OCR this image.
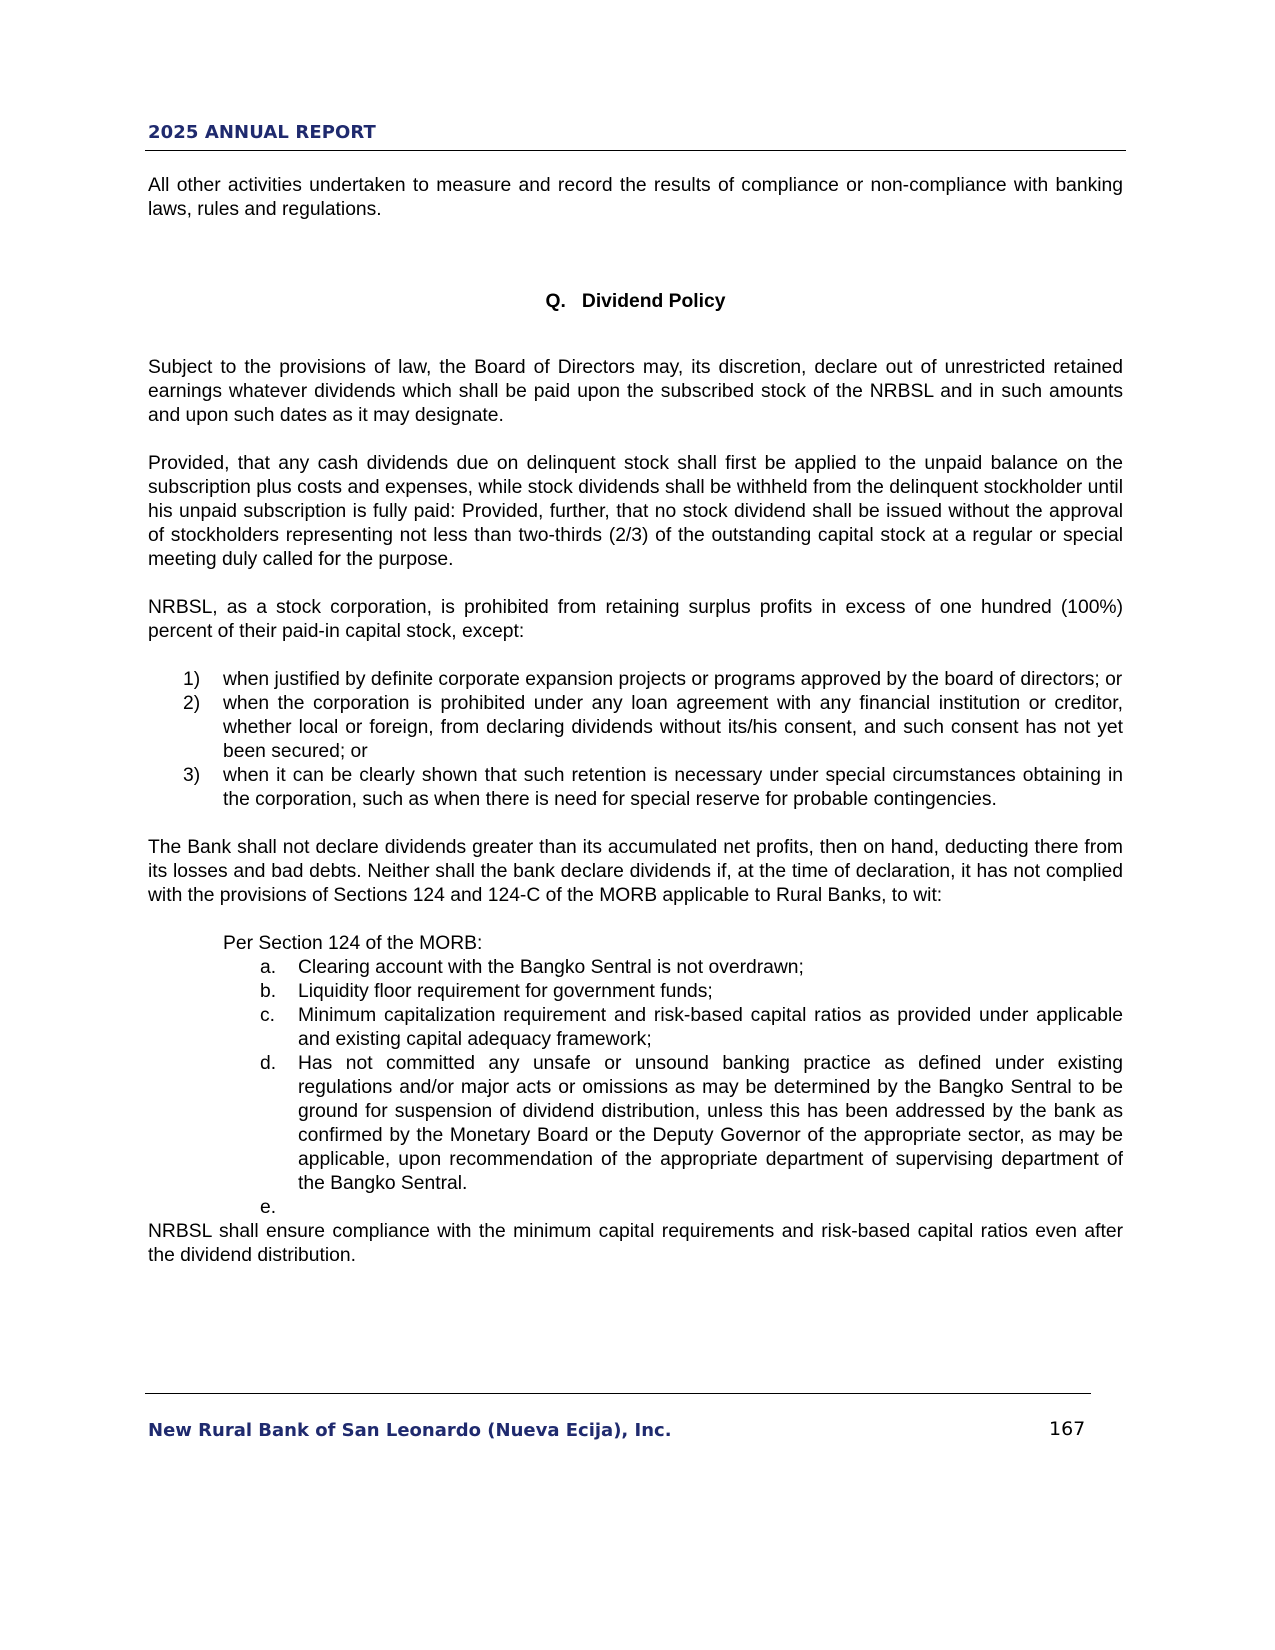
2025 ANNUAL REPORT

All other activities undertaken to measure and record the results of compliance or non-compliance with banking laws, rules and regulations.

Q. Dividend Policy

Subject to the provisions of law, the Board of Directors may, its discretion, declare out of unrestricted retained earnings whatever dividends which shall be paid upon the subscribed stock of the NRBSL and in such amounts and upon such dates as it may designate.

Provided, that any cash dividends due on delinquent stock shall first be applied to the unpaid balance on the subscription plus costs and expenses, while stock dividends shall be withheld from the delinquent stockholder until his unpaid subscription is fully paid: Provided, further, that no stock dividend shall be issued without the approval of stockholders representing not less than two-thirds (2/3) of the outstanding capital stock at a regular or special meeting duly called for the purpose.

NRBSL, as a stock corporation, is prohibited from retaining surplus profits in excess of one hundred (100%) percent of their paid-in capital stock, except:

1) when justified by definite corporate expansion projects or programs approved by the board of directors; or
2) when the corporation is prohibited under any loan agreement with any financial institution or creditor, whether local or foreign, from declaring dividends without its/his consent, and such consent has not yet been secured; or
3) when it can be clearly shown that such retention is necessary under special circumstances obtaining in the corporation, such as when there is need for special reserve for probable contingencies.

The Bank shall not declare dividends greater than its accumulated net profits, then on hand, deducting there from its losses and bad debts. Neither shall the bank declare dividends if, at the time of declaration, it has not complied with the provisions of Sections 124 and 124-C of the MORB applicable to Rural Banks, to wit:

Per Section 124 of the MORB:
a. Clearing account with the Bangko Sentral is not overdrawn;
b. Liquidity floor requirement for government funds;
c. Minimum capitalization requirement and risk-based capital ratios as provided under applicable and existing capital adequacy framework;
d. Has not committed any unsafe or unsound banking practice as defined under existing regulations and/or major acts or omissions as may be determined by the Bangko Sentral to be ground for suspension of dividend distribution, unless this has been addressed by the bank as confirmed by the Monetary Board or the Deputy Governor of the appropriate sector, as may be applicable, upon recommendation of the appropriate department of supervising department of the Bangko Sentral.
e.

NRBSL shall ensure compliance with the minimum capital requirements and risk-based capital ratios even after the dividend distribution.

New Rural Bank of San Leonardo (Nueva Ecija), Inc.	167
